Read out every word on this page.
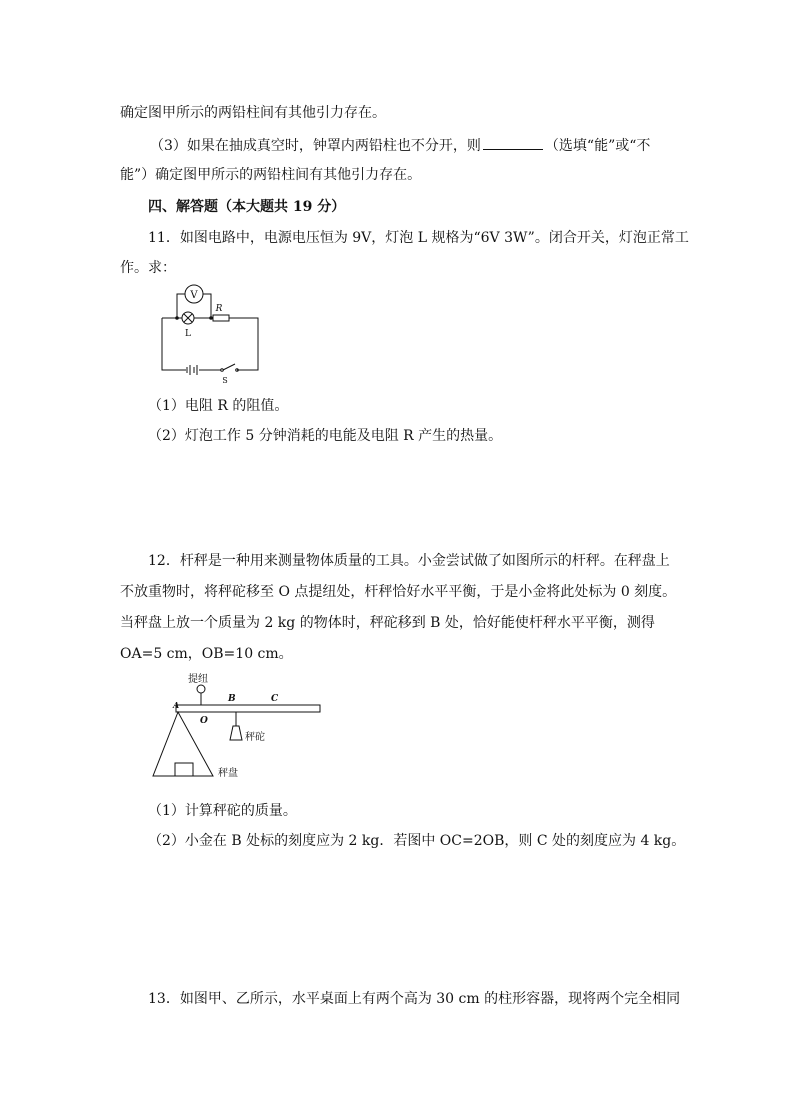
确定图甲所示的两铅柱间有其他引力存在。
（3）如果在抽成真空时，钟罩内两铅柱也不分开，则	（选填“能”或“不
能”）确定图甲所示的两铅柱间有其他引力存在。
四、解答题（本大题共 19 分）
11．如图电路中，电源电压恒为 9V，灯泡 L 规格为“6V 3W”。闭合开关，灯泡正常工
作。求：
V
R
L
S
（1）电阻 R 的阻值。
（2）灯泡工作 5 分钟消耗的电能及电阻 R 产生的热量。
12．杆秤是一种用来测量物体质量的工具。小金尝试做了如图所示的杆秤。在秤盘上
不放重物时，将秤砣移至 O 点提纽处，杆秤恰好水平平衡，于是小金将此处标为 0 刻度。
当秤盘上放一个质量为 2 kg 的物体时，秤砣移到 B 处，恰好能使杆秤水平平衡，测得
OA=5 cm，OB=10 cm。
提纽
A
O
B	C
秤砣
秤盘
（1）计算秤砣的质量。
（2）小金在 B 处标的刻度应为 2 kg．若图中 OC=2OB，则 C 处的刻度应为 4 kg。
13．如图甲、乙所示，水平桌面上有两个高为 30 cm 的柱形容器，现将两个完全相同
